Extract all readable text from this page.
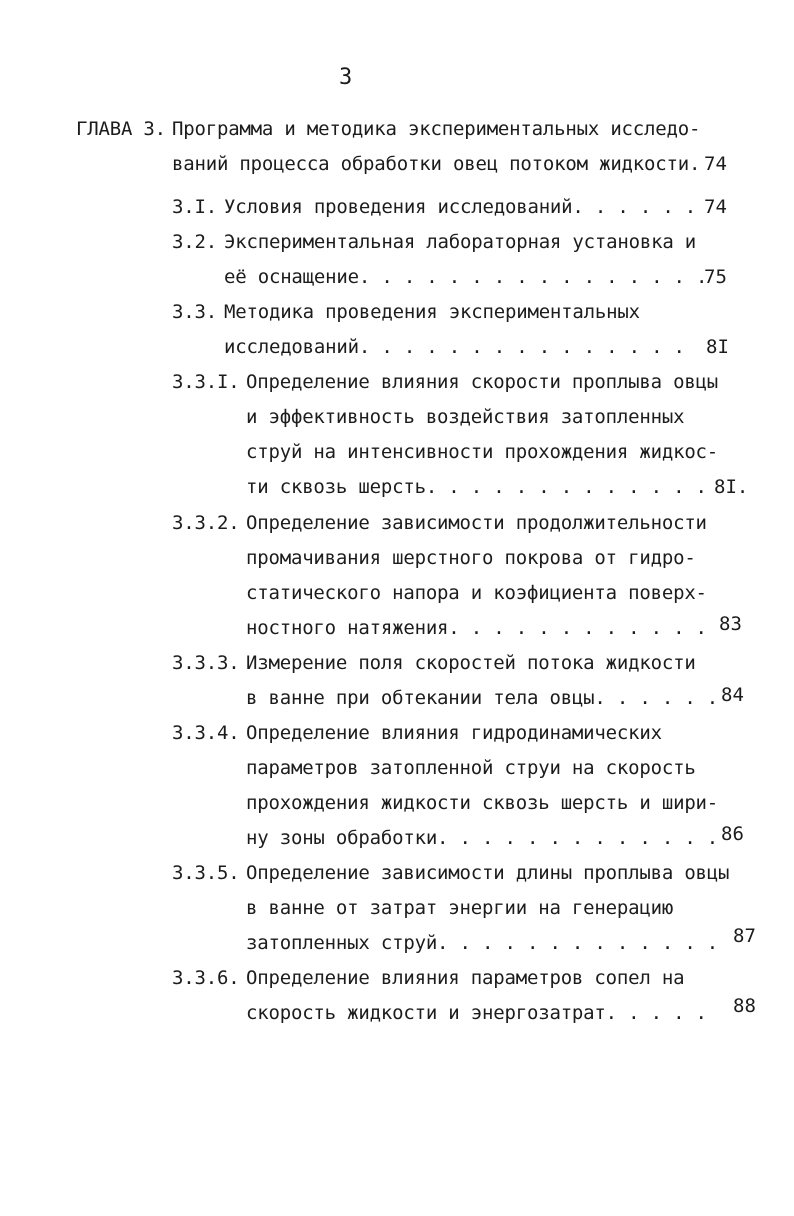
3
ГЛАВА 3. Программа и методика экспериментальных исследо-
ваний процесса обработки овец потоком жидкости. 74
3.I. Условия проведения исследований. . . . . . 74
3.2. Экспериментальная лабораторная установка и
её оснащение. . . . . . . . . . . . . . . .
75
3.3. Методика проведения экспериментальных
исследований. . . . . . . . . . . . . . . 8I
3.3.I. Определение влияния скорости проплыва овцы
и эффективность воздействия затопленных
струй на интенсивности прохождения жидкос-
ти сквозь шерсть. . . . . . . . . . . . . 8I.
3.3.2. Определение зависимости продолжительности
промачивания шерстного покрова от гидро-
статического напора и коэфициента поверх-
ностного натяжения. . . . . . . . . . . . 83
3.3.3. Измерение поля скоростей потока жидкости
в ванне при обтекании тела овцы. . . . . . 84
3.3.4. Определение влияния гидродинамических
параметров затопленной струи на скорость
прохождения жидкости сквозь шерсть и шири-
ну зоны обработки. . . . . . . . . . . . . 86
3.3.5. Определение зависимости длины проплыва овцы
в ванне от затрат энергии на генерацию
затопленных струй. . . . . . . . . . . . . 87
3.3.6. Определение влияния параметров сопел на
скорость жидкости и энергозатрат. . . . . 88
